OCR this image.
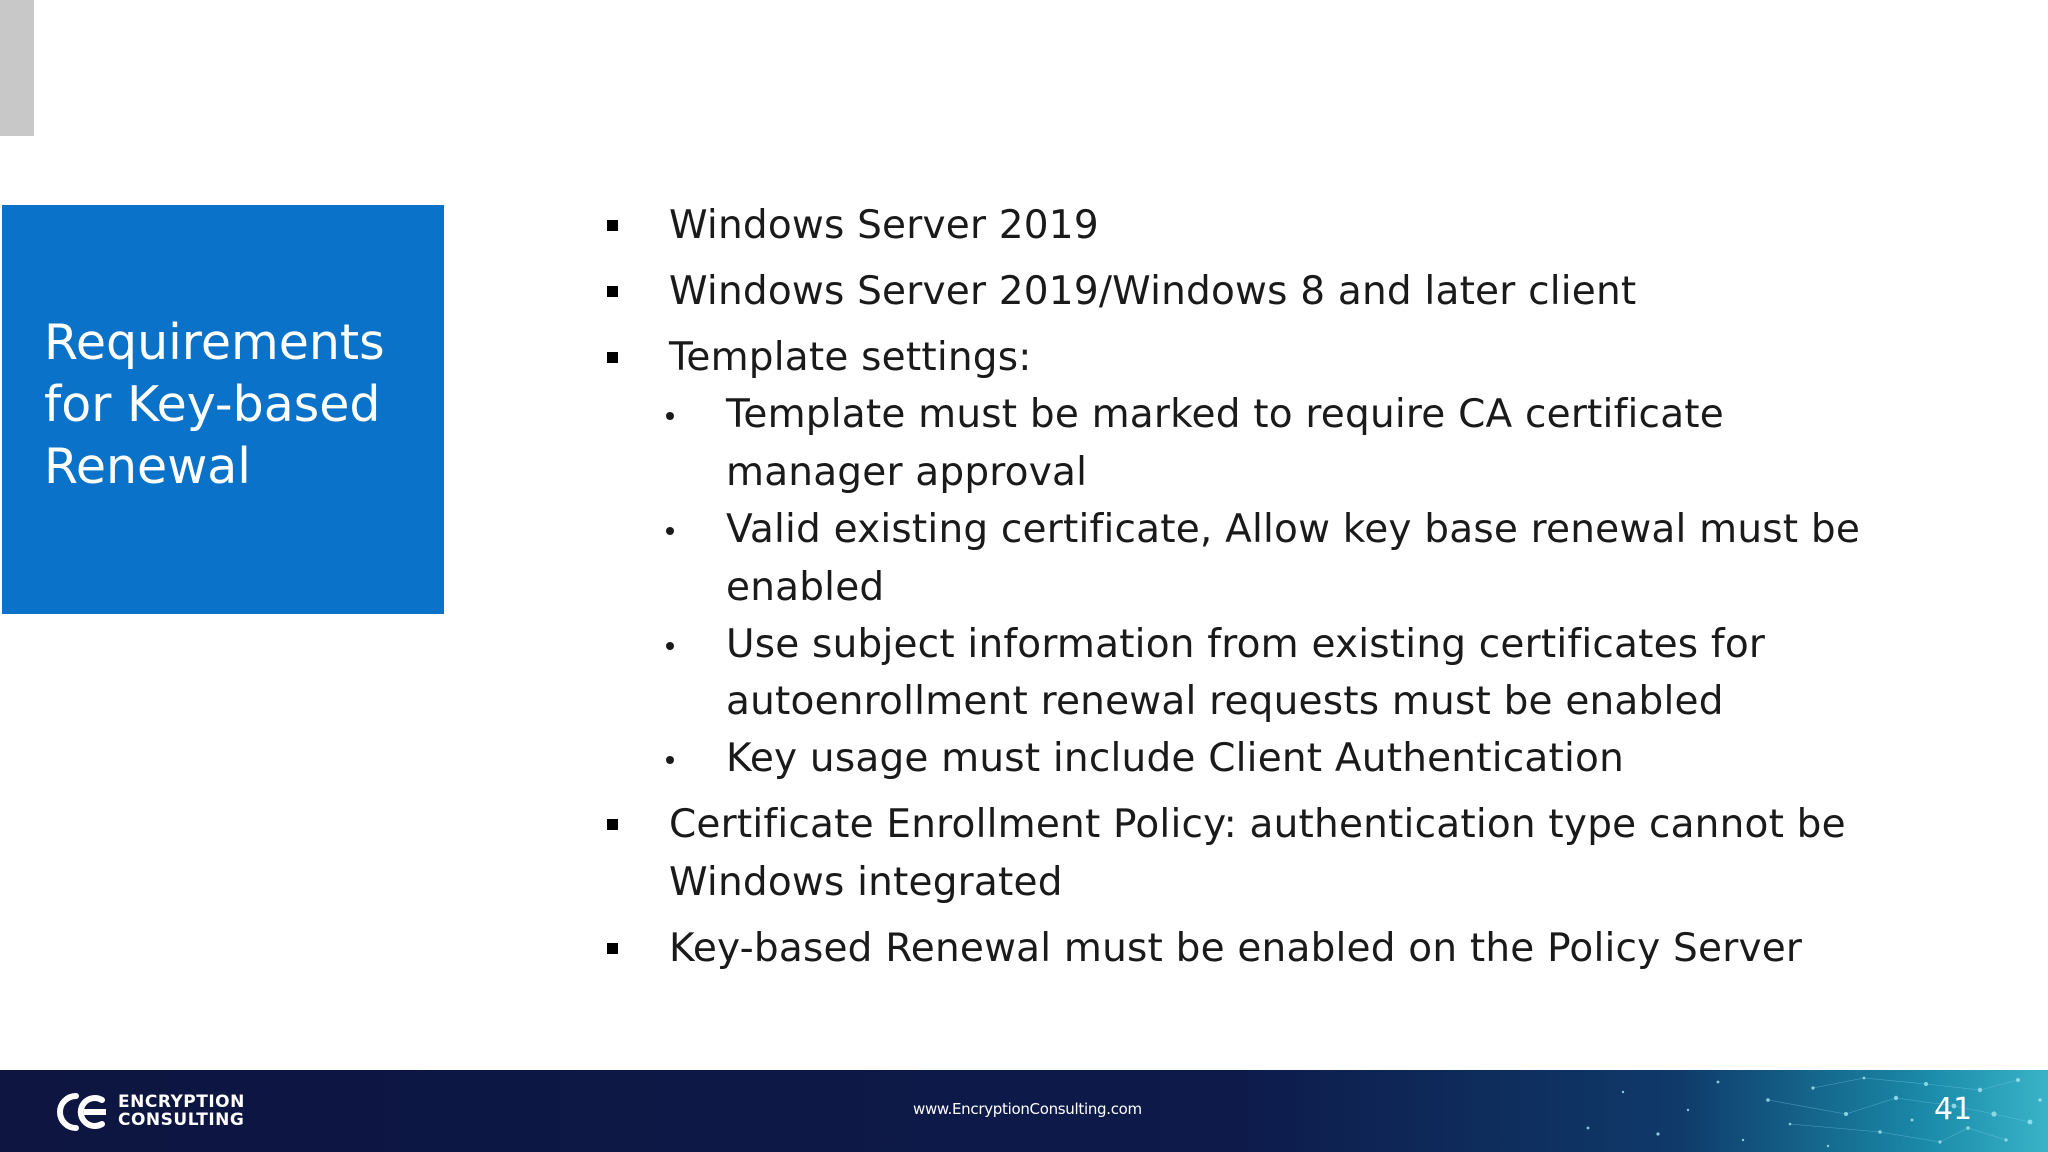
Requirements
for Key-based
Renewal
Windows Server 2019
Windows Server 2019/Windows 8 and later client
Template settings:
Template must be marked to require CA certificate
manager approval
Valid existing certificate, Allow key base renewal must be
enabled
Use subject information from existing certificates for
autoenrollment renewal requests must be enabled
Key usage must include Client Authentication
Certificate Enrollment Policy: authentication type cannot be
Windows integrated
Key-based Renewal must be enabled on the Policy Server
ENCRYPTION
CONSULTING
www.EncryptionConsulting.com	41
